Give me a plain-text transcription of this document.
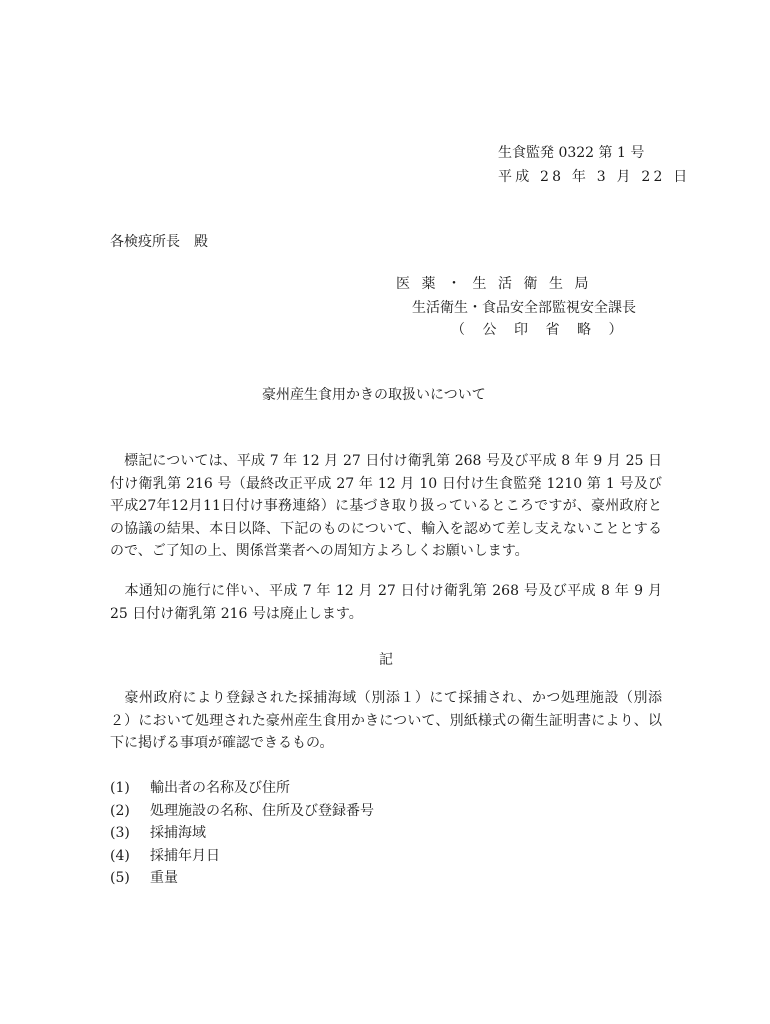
生食監発 0322 第 1 号

平成 28 年 3 月 22 日

各検疫所長　殿

医薬・生活衛生局

生活衛生・食品安全部監視安全課長

（公印省略）

豪州産生食用かきの取扱いについて

　標記については、平成 7 年 12 月 27 日付け衛乳第 268 号及び平成 8 年 9 月 25 日付け衛乳第 216 号（最終改正平成 27 年 12 月 10 日付け生食監発 1210 第 1 号及び平成27年12月11日付け事務連絡）に基づき取り扱っているところですが、豪州政府との協議の結果、本日以降、下記のものについて、輸入を認めて差し支えないこととするので、ご了知の上、関係営業者への周知方よろしくお願いします。

　本通知の施行に伴い、平成 7 年 12 月 27 日付け衛乳第 268 号及び平成 8 年 9 月 25 日付け衛乳第 216 号は廃止します。

記

　豪州政府により登録された採捕海域（別添１）にて採捕され、かつ処理施設（別添２）において処理された豪州産生食用かきについて、別紙様式の衛生証明書により、以下に掲げる事項が確認できるもの。

(1) 輸出者の名称及び住所
(2) 処理施設の名称、住所及び登録番号
(3) 採捕海域
(4) 採捕年月日
(5) 重量
